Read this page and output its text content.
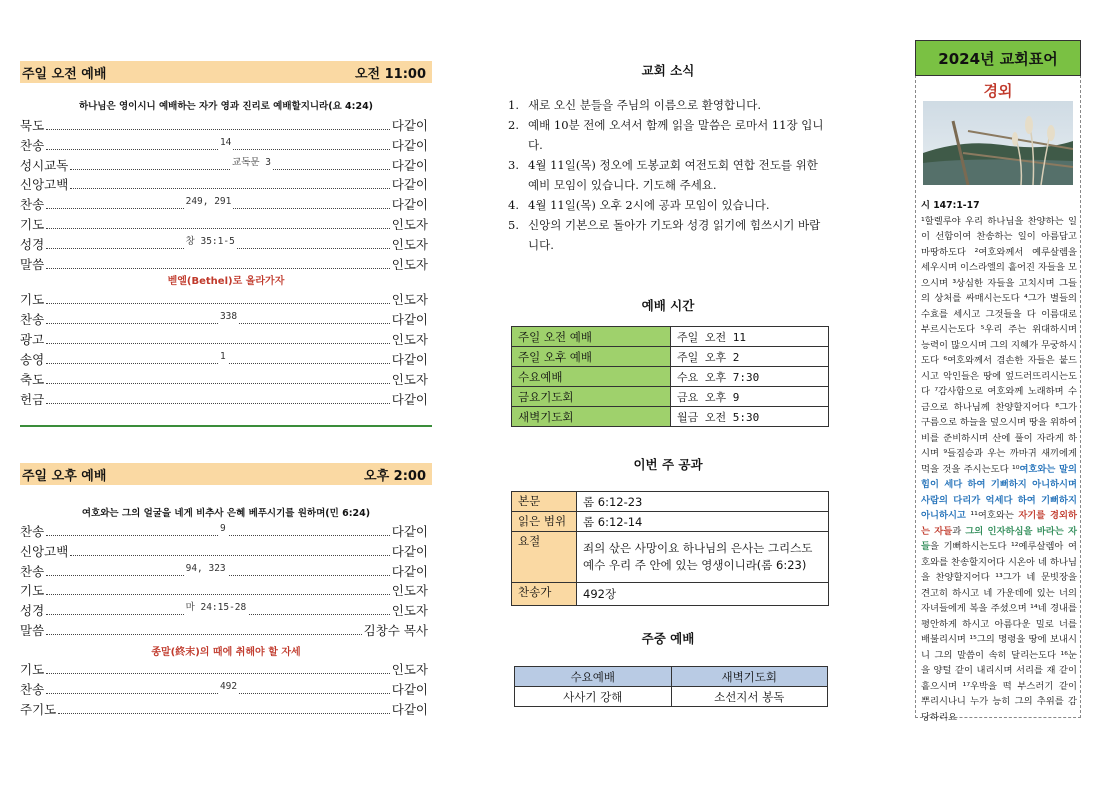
주일 오전 예배	오전 11:00
하나님은 영이시니 예배하는 자가 영과 진리로 예배할지니라(요 4:24)
묵도	다같이
찬송	14	다같이
성시교독	교독문 3	다같이
신앙고백	다같이
찬송	249, 291	다같이
기도	인도자
성경	창 35:1-5	인도자
말씀	인도자
벧엘(Bethel)로 올라가자
기도	인도자
찬송	338	다같이
광고	인도자
송영	1	다같이
축도	인도자
헌금	다같이
주일 오후 예배	오후 2:00
여호와는 그의 얼굴을 네게 비추사 은혜 베푸시기를 원하며(민 6:24)
찬송	9	다같이
신앙고백	다같이
찬송	94, 323	다같이
기도	인도자
성경	마 24:15-28	인도자
말씀	김창수 목사
종말(終末)의 때에 취해야 할 자세
기도	인도자
찬송	492	다같이
주기도	다같이
교회 소식
1. 새로 오신 분들을 주님의 이름으로 환영합니다.
2. 예배 10분 전에 오셔서 함께 읽을 말씀은 로마서 11장 입니다.
3. 4월 11일(목) 정오에 도봉교회 여전도회 연합 전도를 위한 예비 모임이 있습니다. 기도해 주세요.
4. 4월 11일(목) 오후 2시에 공과 모임이 있습니다.
5. 신앙의 기본으로 돌아가 기도와 성경 읽기에 힘쓰시기 바랍니다.
예배 시간
주일 오전 예배	주일 오전 11
주일 오후 예배	주일 오후 2
수요예배	수요 오후 7:30
금요기도회	금요 오후 9
새벽기도회	월금 오전 5:30
이번 주 공과
본문	롬 6:12-23
읽은 범위	롬 6:12-14
요절	죄의 삯은 사망이요 하나님의 은사는 그리스도 예수 우리 주 안에 있는 영생이니라(롬 6:23)
찬송가	492장
주중 예배
수요예배	새벽기도회
사사기 강해	소선지서 봉독
2024년 교회표어
경외
시 147:1-17
¹할렐루야 우리 하나님을 찬양하는 일이 선함이여 찬송하는 일이 아름답고 마땅하도다 ²여호와께서 예루살렘을 세우시며 이스라엘의 흩어진 자들을 모으시며 ³상심한 자들을 고치시며 그들의 상처를 싸매시는도다 ⁴그가 별들의 수효를 세시고 그것들을 다 이름대로 부르시는도다 ⁵우리 주는 위대하시며 능력이 많으시며 그의 지혜가 무궁하시도다 ⁶여호와께서 겸손한 자들은 붙드시고 악인들은 땅에 엎드러뜨리시는도다 ⁷감사함으로 여호와께 노래하며 수금으로 하나님께 찬양할지어다 ⁸그가 구름으로 하늘을 덮으시며 땅을 위하여 비를 준비하시며 산에 풀이 자라게 하시며 ⁹들짐승과 우는 까마귀 새끼에게 먹을 것을 주시는도다 ¹⁰여호와는 말의 힘이 세다 하여 기뻐하지 아니하시며 사람의 다리가 억세다 하여 기뻐하지 아니하시고 ¹¹여호와는 자기를 경외하는 자들과 그의 인자하심을 바라는 자들을 기뻐하시는도다 ¹²예루살렘아 여호와를 찬송할지어다 시온아 네 하나님을 찬양할지어다 ¹³그가 네 문빗장을 견고히 하시고 네 가운데에 있는 너의 자녀들에게 복을 주셨으며 ¹⁴네 경내를 평안하게 하시고 아름다운 밀로 너를 배불리시며 ¹⁵그의 명령을 땅에 보내시니 그의 말씀이 속히 달리는도다 ¹⁶눈을 양털 같이 내리시며 서리를 재 같이 흩으시며 ¹⁷우박을 떡 부스러기 같이 뿌리시나니 누가 능히 그의 추위를 감당하리요
